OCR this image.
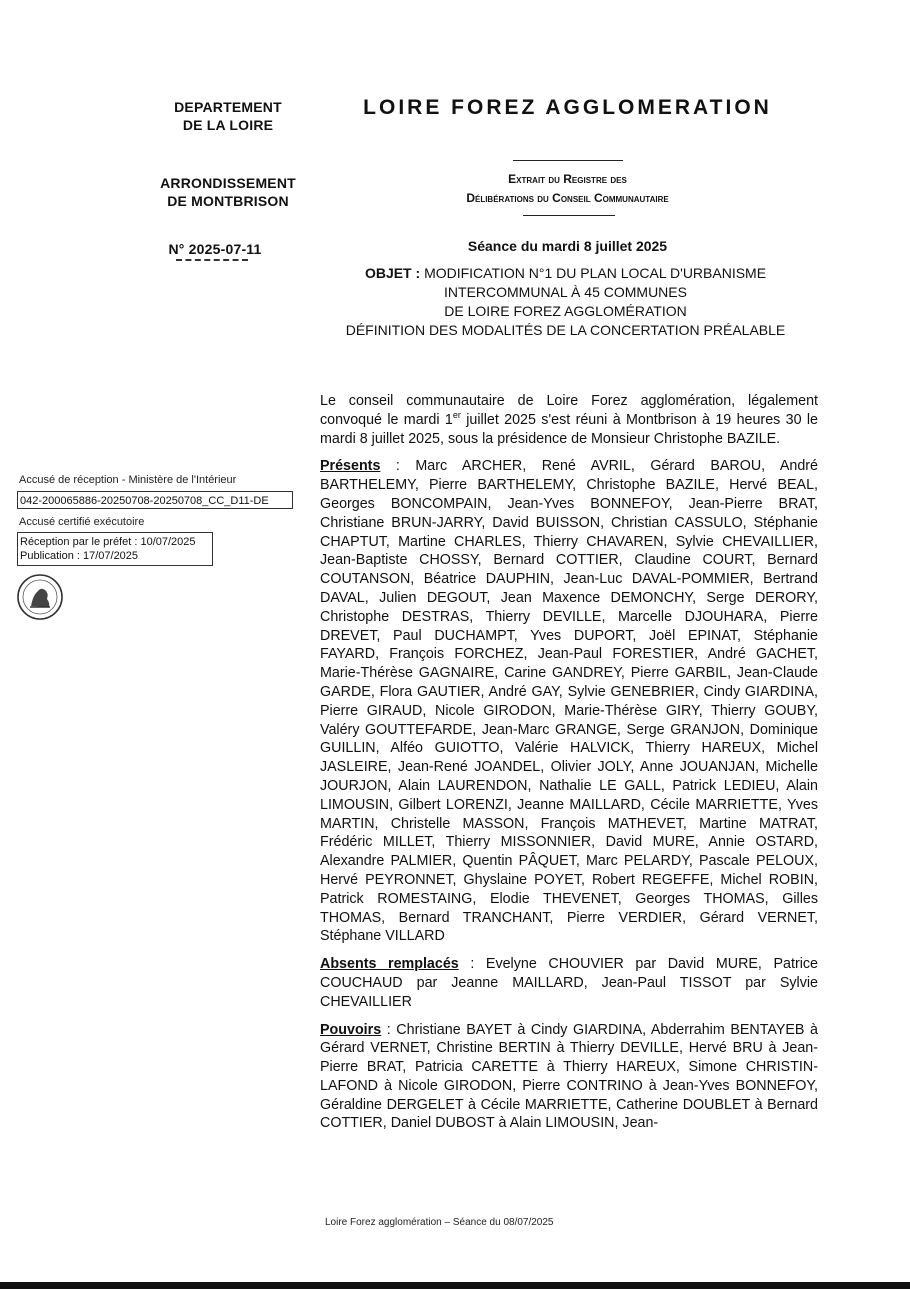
DEPARTEMENT
DE LA LOIRE
ARRONDISSEMENT
DE MONTBRISON
N° 2025-07-11
LOIRE FOREZ AGGLOMERATION
Extrait du Registre des
Délibérations du Conseil Communautaire
Séance du mardi 8 juillet 2025
OBJET : MODIFICATION N°1 DU PLAN LOCAL D'URBANISME
INTERCOMMUNAL À 45 COMMUNES
DE LOIRE FOREZ AGGLOMÉRATION
DÉFINITION DES MODALITÉS DE LA CONCERTATION PRÉALABLE
Accusé de réception - Ministère de l'Intérieur
042-200065886-20250708-20250708_CC_D11-DE
Accusé certifié exécutoire
Réception par le préfet : 10/07/2025
Publication : 17/07/2025

Le conseil communautaire de Loire Forez agglomération, légalement convoqué le mardi 1er juillet 2025 s'est réuni à Montbrison à 19 heures 30 le mardi 8 juillet 2025, sous la présidence de Monsieur Christophe BAZILE.

Présents : Marc ARCHER, René AVRIL, Gérard BAROU, André BARTHELEMY, Pierre BARTHELEMY, Christophe BAZILE, Hervé BEAL, Georges BONCOMPAIN, Jean-Yves BONNEFOY, Jean-Pierre BRAT, Christiane BRUN-JARRY, David BUISSON, Christian CASSULO, Stéphanie CHAPTUT, Martine CHARLES, Thierry CHAVAREN, Sylvie CHEVAILLIER, Jean-Baptiste CHOSSY, Bernard COTTIER, Claudine COURT, Bernard COUTANSON, Béatrice DAUPHIN, Jean-Luc DAVAL-POMMIER, Bertrand DAVAL, Julien DEGOUT, Jean Maxence DEMONCHY, Serge DERORY, Christophe DESTRAS, Thierry DEVILLE, Marcelle DJOUHARA, Pierre DREVET, Paul DUCHAMPT, Yves DUPORT, Joël EPINAT, Stéphanie FAYARD, François FORCHEZ, Jean-Paul FORESTIER, André GACHET, Marie-Thérèse GAGNAIRE, Carine GANDREY, Pierre GARBIL, Jean-Claude GARDE, Flora GAUTIER, André GAY, Sylvie GENEBRIER, Cindy GIARDINA, Pierre GIRAUD, Nicole GIRODON, Marie-Thérèse GIRY, Thierry GOUBY, Valéry GOUTTEFARDE, Jean-Marc GRANGE, Serge GRANJON, Dominique GUILLIN, Alféo GUIOTTO, Valérie HALVICK, Thierry HAREUX, Michel JASLEIRE, Jean-René JOANDEL, Olivier JOLY, Anne JOUANJAN, Michelle JOURJON, Alain LAURENDON, Nathalie LE GALL, Patrick LEDIEU, Alain LIMOUSIN, Gilbert LORENZI, Jeanne MAILLARD, Cécile MARRIETTE, Yves MARTIN, Christelle MASSON, François MATHEVET, Martine MATRAT, Frédéric MILLET, Thierry MISSONNIER, David MURE, Annie OSTARD, Alexandre PALMIER, Quentin PÂQUET, Marc PELARDY, Pascale PELOUX, Hervé PEYRONNET, Ghyslaine POYET, Robert REGEFFE, Michel ROBIN, Patrick ROMESTAING, Elodie THEVENET, Georges THOMAS, Gilles THOMAS, Bernard TRANCHANT, Pierre VERDIER, Gérard VERNET, Stéphane VILLARD

Absents remplacés : Evelyne CHOUVIER par David MURE, Patrice COUCHAUD par Jeanne MAILLARD, Jean-Paul TISSOT par Sylvie CHEVAILLIER

Pouvoirs : Christiane BAYET à Cindy GIARDINA, Abderrahim BENTAYEB à Gérard VERNET, Christine BERTIN à Thierry DEVILLE, Hervé BRU à Jean-Pierre BRAT, Patricia CARETTE à Thierry HAREUX, Simone CHRISTIN-LAFOND à Nicole GIRODON, Pierre CONTRINO à Jean-Yves BONNEFOY, Géraldine DERGELET à Cécile MARRIETTE, Catherine DOUBLET à Bernard COTTIER, Daniel DUBOST à Alain LIMOUSIN, Jean-

Loire Forez agglomération – Séance du 08/07/2025
